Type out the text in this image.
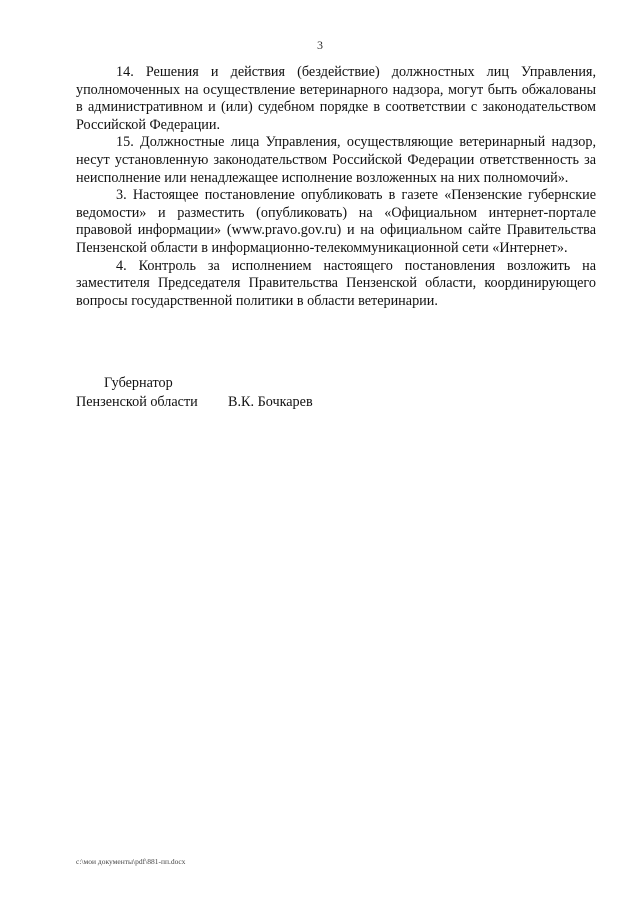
3

14. Решения и действия (бездействие) должностных лиц Управления, уполномоченных на осуществление ветеринарного надзора, могут быть обжалованы в административном и (или) судебном порядке в соответствии с законодательством Российской Федерации.

15. Должностные лица Управления, осуществляющие ветеринарный надзор, несут установленную законодательством Российской Федерации ответственность за неисполнение или ненадлежащее исполнение возложенных на них полномочий».

3. Настоящее постановление опубликовать в газете «Пензенские губернские ведомости» и разместить (опубликовать) на «Официальном интернет-портале правовой информации» (www.pravo.gov.ru) и на официальном сайте Правительства Пензенской области в информационно-телекоммуникационной сети «Интернет».

4. Контроль за исполнением настоящего постановления возложить на заместителя Председателя Правительства Пензенской области, координирующего вопросы государственной политики в области ветеринарии.

Губернатор
Пензенской области	В.К. Бочкарев
c:\мои документы\pdf\881-пп.docx
